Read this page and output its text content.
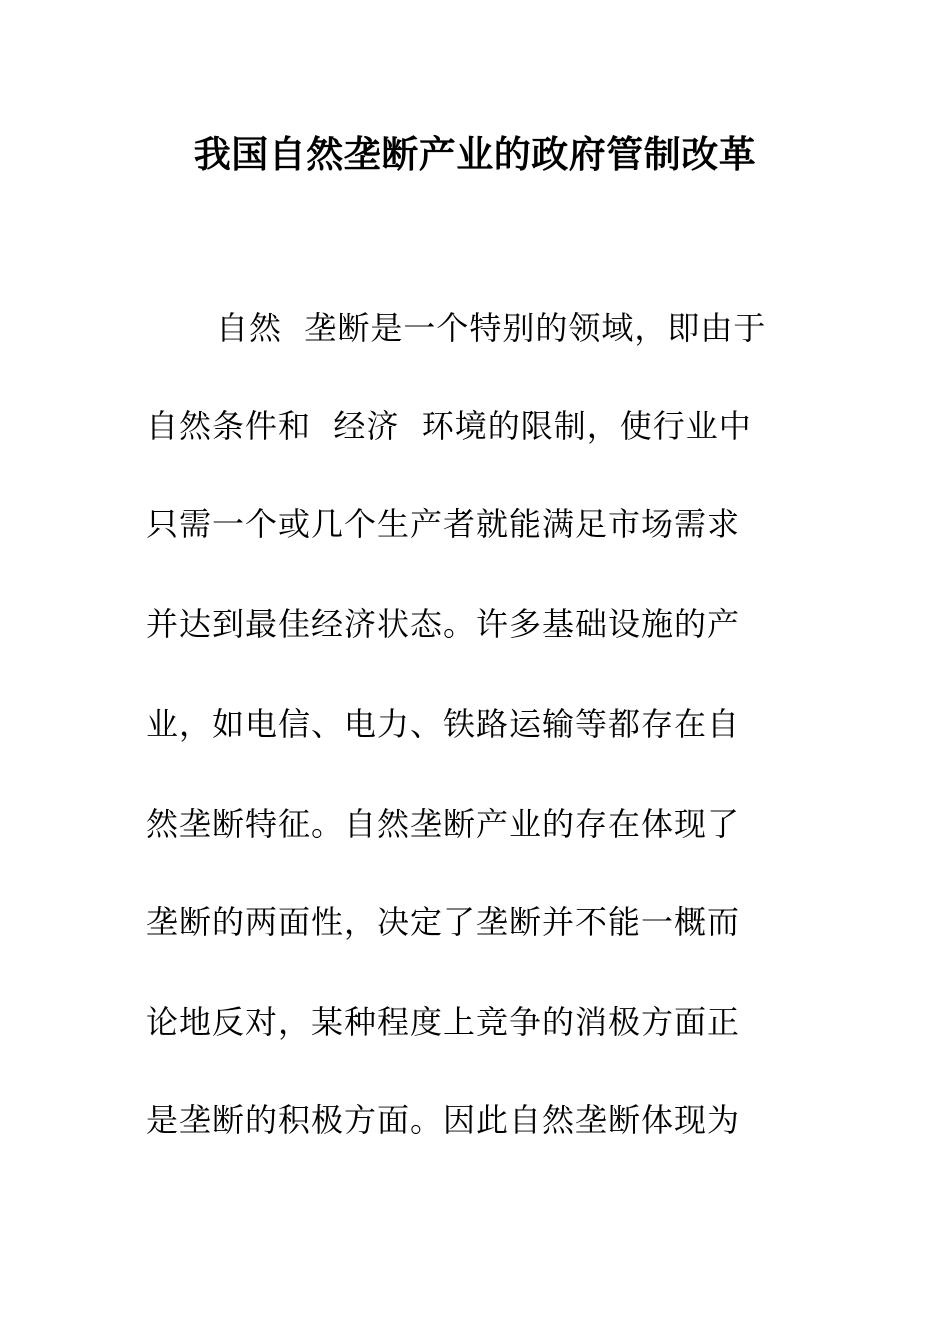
我国自然垄断产业的政府管制改革
自然  垄断是一个特别的领域，即由于
自然条件和  经济  环境的限制，使行业中
只需一个或几个生产者就能满足市场需求
并达到最佳经济状态。许多基础设施的产
业，如电信、电力、铁路运输等都存在自
然垄断特征。自然垄断产业的存在体现了
垄断的两面性，决定了垄断并不能一概而
论地反对，某种程度上竞争的消极方面正
是垄断的积极方面。因此自然垄断体现为
